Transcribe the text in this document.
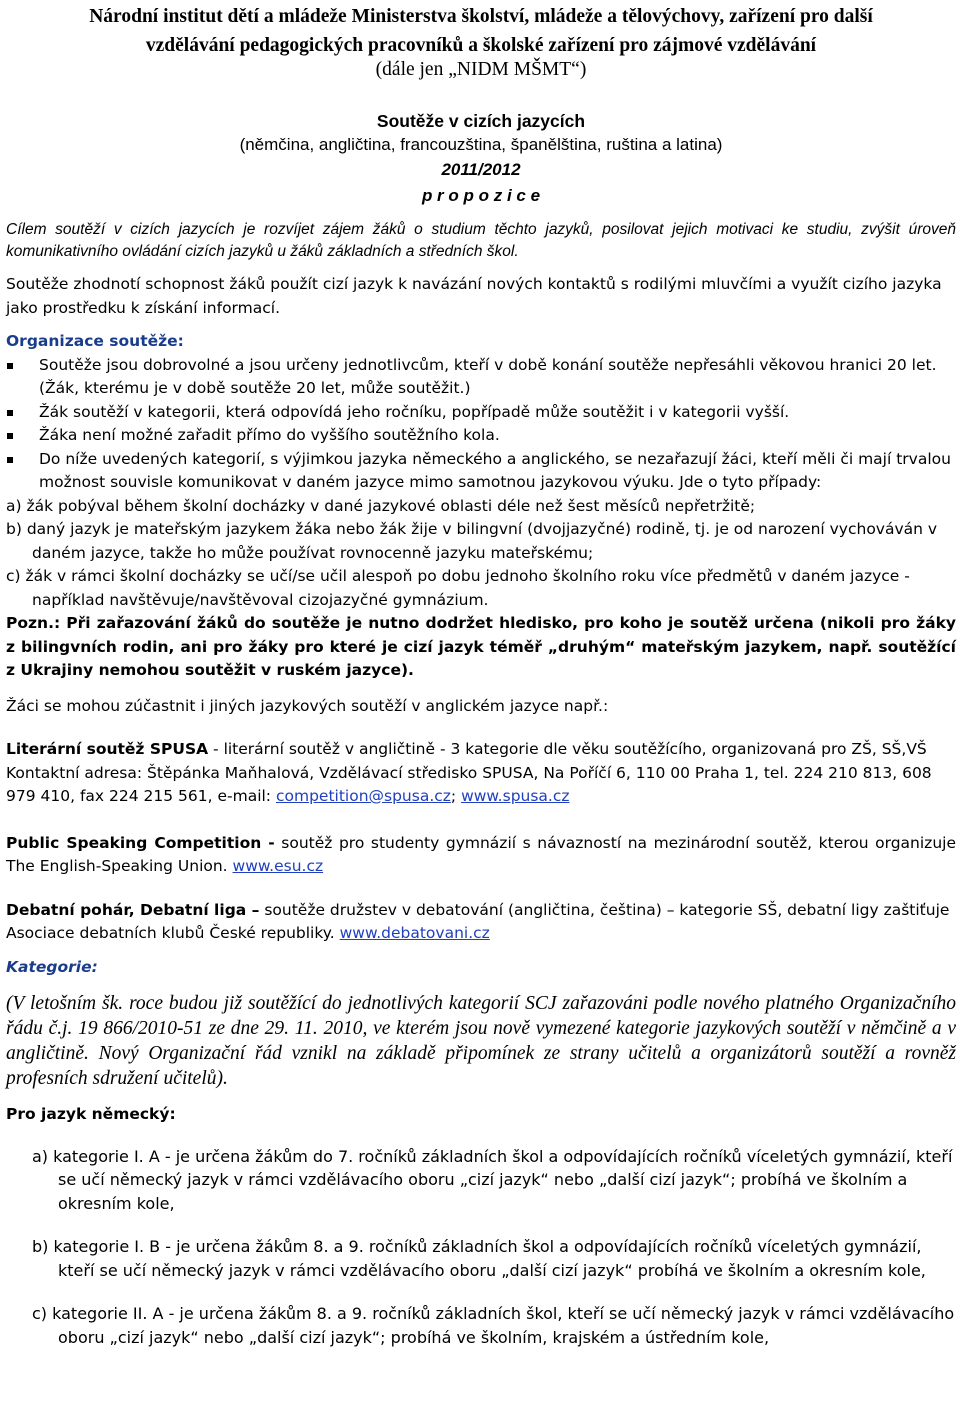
Národní institut dětí a mládeže Ministerstva školství, mládeže a tělovýchovy, zařízení pro další

vzdělávání pedagogických pracovníků a školské zařízení pro zájmové vzdělávání

(dále jen „NIDM MŠMT“)

Soutěže v cizích jazycích

(němčina, angličtina, francouzština, španělština, ruština a latina)

2011/2012

p r o p o z i c e

Cílem soutěží v cizích jazycích je rozvíjet zájem žáků o studium těchto jazyků, posilovat jejich motivaci ke studiu, zvýšit úroveň komunikativního ovládání cizích jazyků u žáků základních a středních škol.

Soutěže zhodnotí schopnost žáků použít cizí jazyk k navázání nových kontaktů s rodilými mluvčími a využít cizího jazyka jako prostředku k získání informací.

Organizace soutěže:

Soutěže jsou dobrovolné a jsou určeny jednotlivcům, kteří v době konání soutěže nepřesáhli věkovou hranici 20 let. (Žák, kterému je v době soutěže 20 let, může soutěžit.)
Žák soutěží v kategorii, která odpovídá jeho ročníku, popřípadě může soutěžit i v kategorii vyšší.
Žáka není možné zařadit přímo do vyššího soutěžního kola.
Do níže uvedených kategorií, s výjimkou jazyka německého a anglického, se nezařazují žáci, kteří měli či mají trvalou možnost souvisle komunikovat v daném jazyce mimo samotnou jazykovou výuku. Jde o tyto případy:

a) žák pobýval během školní docházky v dané jazykové oblasti déle než šest měsíců nepřetržitě;

b) daný jazyk je mateřským jazykem žáka nebo žák žije v bilingvní (dvojjazyčné) rodině, tj. je od narození vychováván v daném jazyce, takže ho může používat rovnocenně jazyku mateřskému;

c) žák v rámci školní docházky se učí/se učil alespoň po dobu jednoho školního roku více předmětů v daném jazyce - například navštěvuje/navštěvoval cizojazyčné gymnázium.

Pozn.: Při zařazování žáků do soutěže je nutno dodržet hledisko, pro koho je soutěž určena (nikoli pro žáky z bilingvních rodin, ani pro žáky pro které je cizí jazyk téměř „druhým“ mateřským jazykem, např. soutěžící z Ukrajiny nemohou soutěžit v ruském jazyce).

Žáci se mohou zúčastnit i jiných jazykových soutěží v anglickém jazyce např.:

Literární soutěž SPUSA - literární soutěž v angličtině - 3 kategorie dle věku soutěžícího, organizovaná pro ZŠ, SŠ,VŠ

Kontaktní adresa: Štěpánka Maňhalová, Vzdělávací středisko SPUSA, Na Poříčí 6, 110 00 Praha 1, tel. 224 210 813, 608 979 410, fax 224 215 561, e-mail: competition@spusa.cz; www.spusa.cz

Public Speaking Competition - soutěž pro studenty gymnázií s návazností na mezinárodní soutěž, kterou organizuje The English-Speaking Union. www.esu.cz

Debatní pohár, Debatní liga – soutěže družstev v debatování (angličtina, čeština) – kategorie SŠ, debatní ligy zaštiťuje Asociace debatních klubů České republiky. www.debatovani.cz

Kategorie:

(V letošním šk. roce budou již soutěžící do jednotlivých kategorií SCJ zařazováni podle nového platného Organizačního řádu č.j. 19 866/2010-51 ze dne 29. 11. 2010, ve kterém jsou nově vymezené kategorie jazykových soutěží v němčině a v angličtině. Nový Organizační řád vznikl na základě připomínek ze strany učitelů a organizátorů soutěží a rovněž profesních sdružení učitelů).

Pro jazyk německý:

a) kategorie I. A - je určena žákům do 7. ročníků základních škol a odpovídajících ročníků víceletých gymnázií, kteří se učí německý jazyk v rámci vzdělávacího oboru „cizí jazyk“ nebo „další cizí jazyk“; probíhá ve školním a okresním kole,

b) kategorie I. B - je určena žákům 8. a 9. ročníků základních škol a odpovídajících ročníků víceletých gymnázií, kteří se učí německý jazyk v rámci vzdělávacího oboru „další cizí jazyk“ probíhá ve školním a okresním kole,

c) kategorie II. A - je určena žákům 8. a 9. ročníků základních škol, kteří se učí německý jazyk v rámci vzdělávacího oboru „cizí jazyk“ nebo „další cizí jazyk“; probíhá ve školním, krajském a ústředním kole,
